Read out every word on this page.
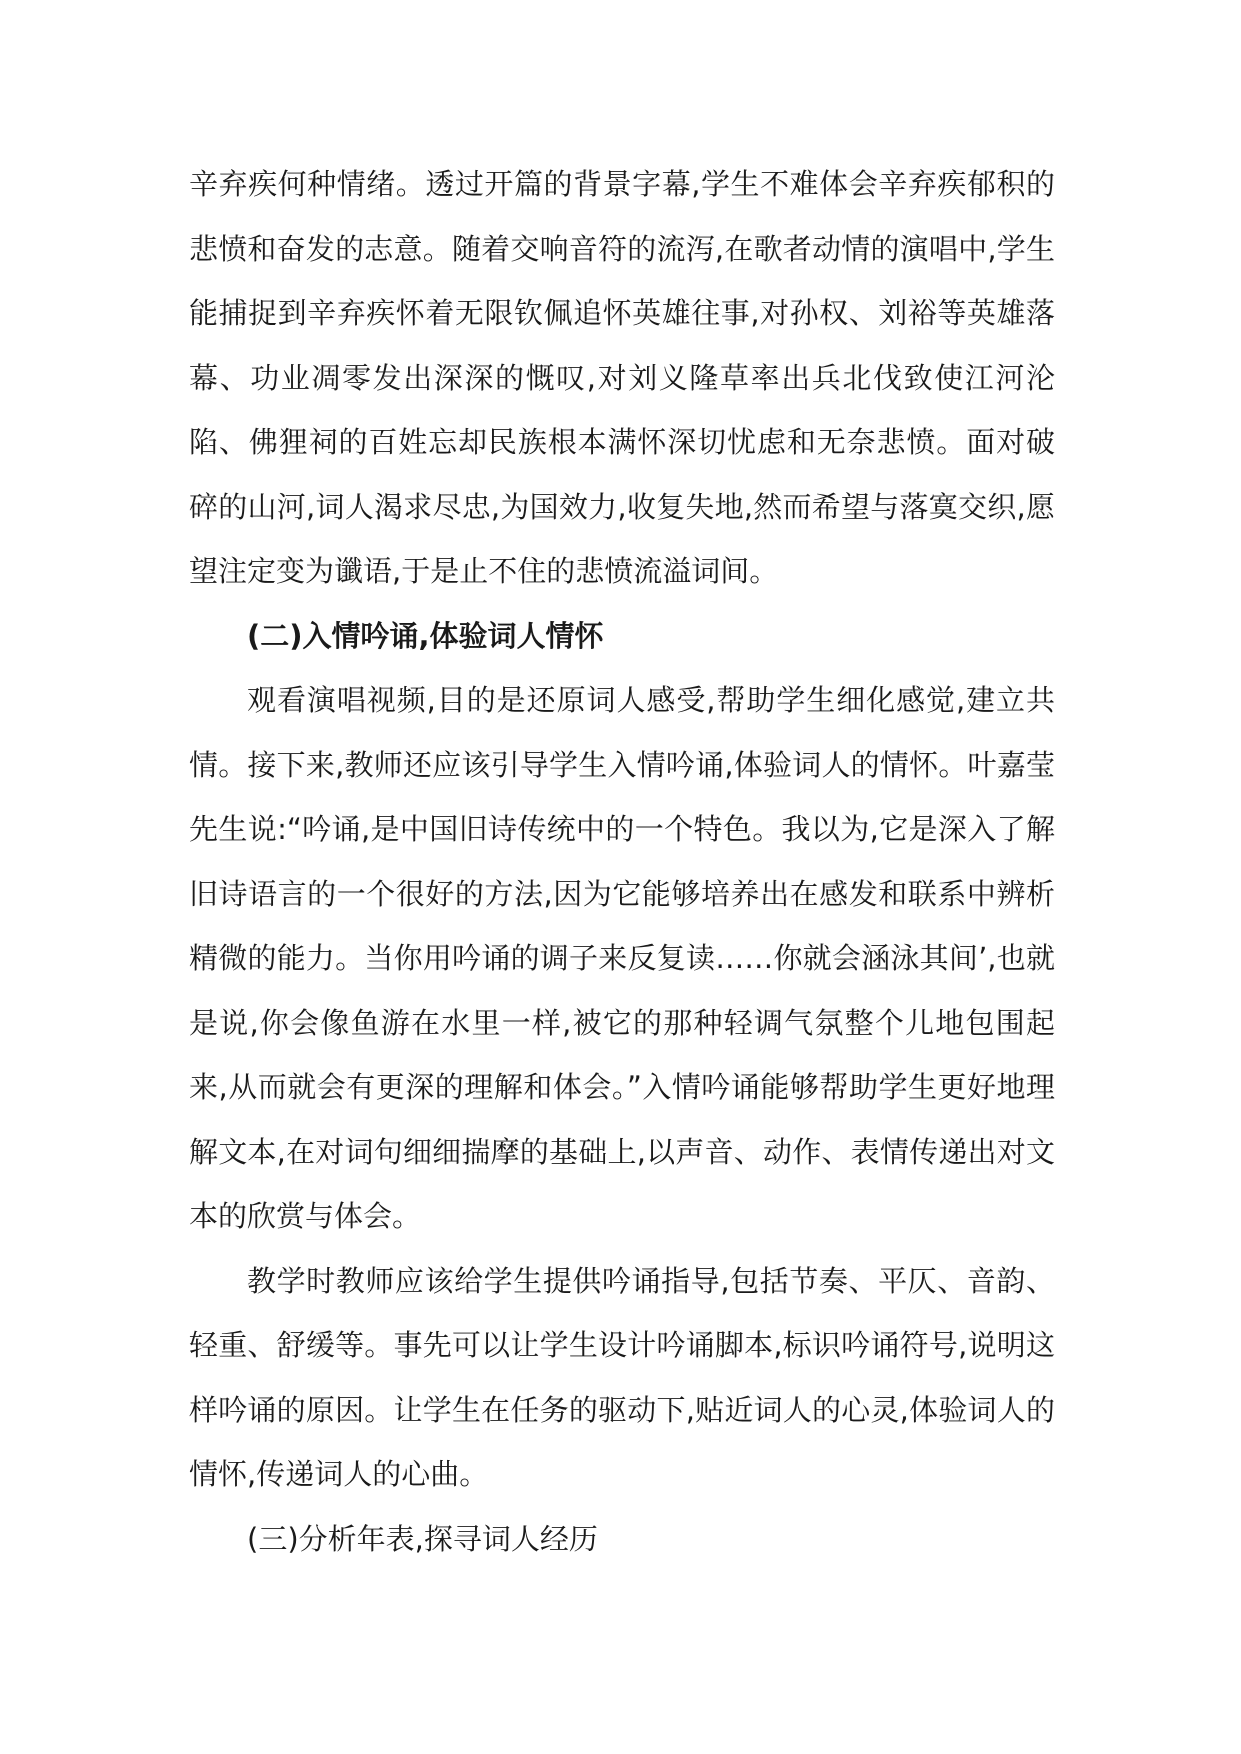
辛弃疾何种情绪。透过开篇的背景字幕,学生不难体会辛弃疾郁积的悲愤和奋发的志意。随着交响音符的流泻,在歌者动情的演唱中,学生能捕捉到辛弃疾怀着无限钦佩追怀英雄往事,对孙权、刘裕等英雄落幕、功业凋零发出深深的慨叹,对刘义隆草率出兵北伐致使江河沦陷、佛狸祠的百姓忘却民族根本满怀深切忧虑和无奈悲愤。面对破碎的山河,词人渴求尽忠,为国效力,收复失地,然而希望与落寞交织,愿望注定变为谶语,于是止不住的悲愤流溢词间。

(二)入情吟诵,体验词人情怀

观看演唱视频,目的是还原词人感受,帮助学生细化感觉,建立共情。接下来,教师还应该引导学生入情吟诵,体验词人的情怀。叶嘉莹先生说:“吟诵,是中国旧诗传统中的一个特色。我以为,它是深入了解旧诗语言的一个很好的方法,因为它能够培养出在感发和联系中辨析精微的能力。当你用吟诵的调子来反复读……你就会涵泳其间’,也就是说,你会像鱼游在水里一样,被它的那种轻调气氛整个儿地包围起来,从而就会有更深的理解和体会。”入情吟诵能够帮助学生更好地理解文本,在对词句细细揣摩的基础上,以声音、动作、表情传递出对文本的欣赏与体会。

教学时教师应该给学生提供吟诵指导,包括节奏、平仄、音韵、轻重、舒缓等。事先可以让学生设计吟诵脚本,标识吟诵符号,说明这样吟诵的原因。让学生在任务的驱动下,贴近词人的心灵,体验词人的情怀,传递词人的心曲。

(三)分析年表,探寻词人经历
